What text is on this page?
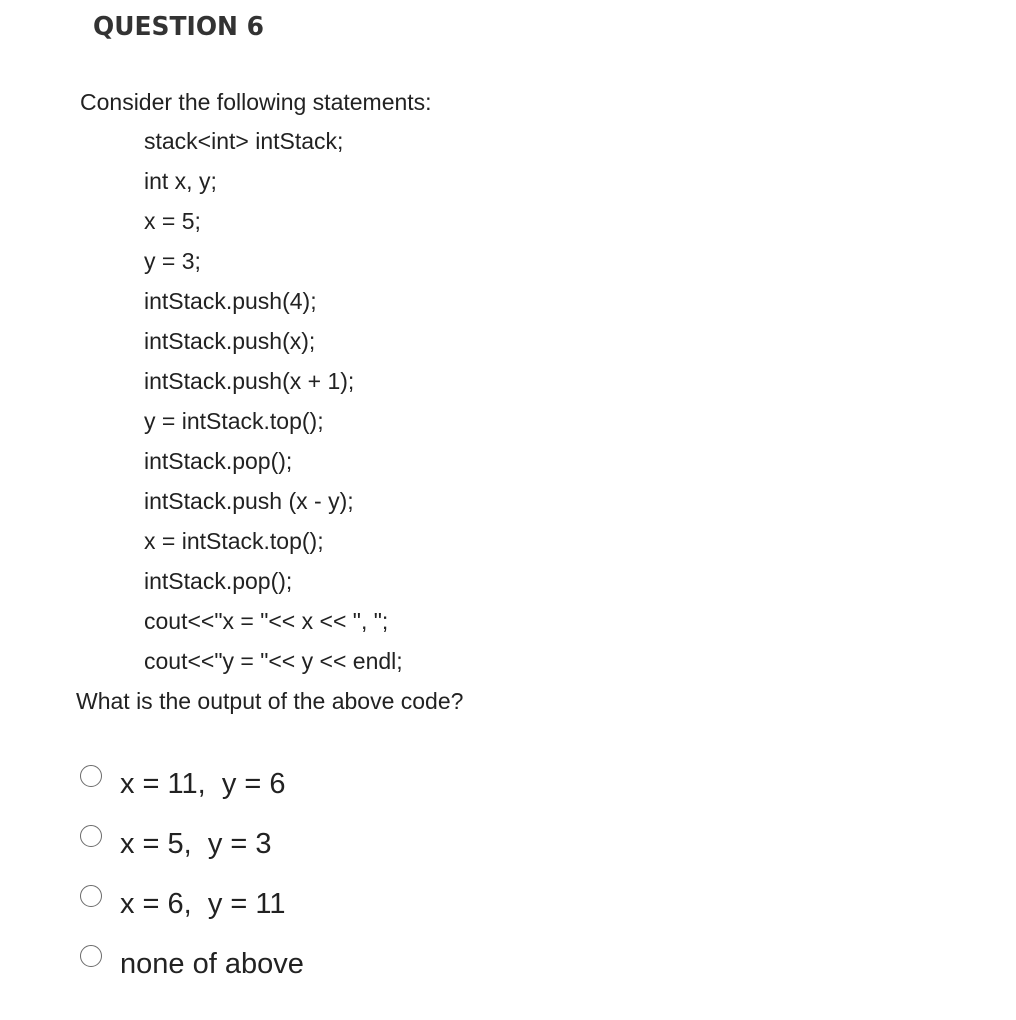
QUESTION 6
Consider the following statements:
stack<int> intStack;
int x, y;
x = 5;
y = 3;
intStack.push(4);
intStack.push(x);
intStack.push(x + 1);
y = intStack.top();
intStack.pop();
intStack.push (x - y);
x = intStack.top();
intStack.pop();
cout<<"x = "<< x << ", ";
cout<<"y = "<< y << endl;
What is the output of the above code?
x = 11,  y = 6
x = 5,  y = 3
x = 6,  y = 11
none of above
